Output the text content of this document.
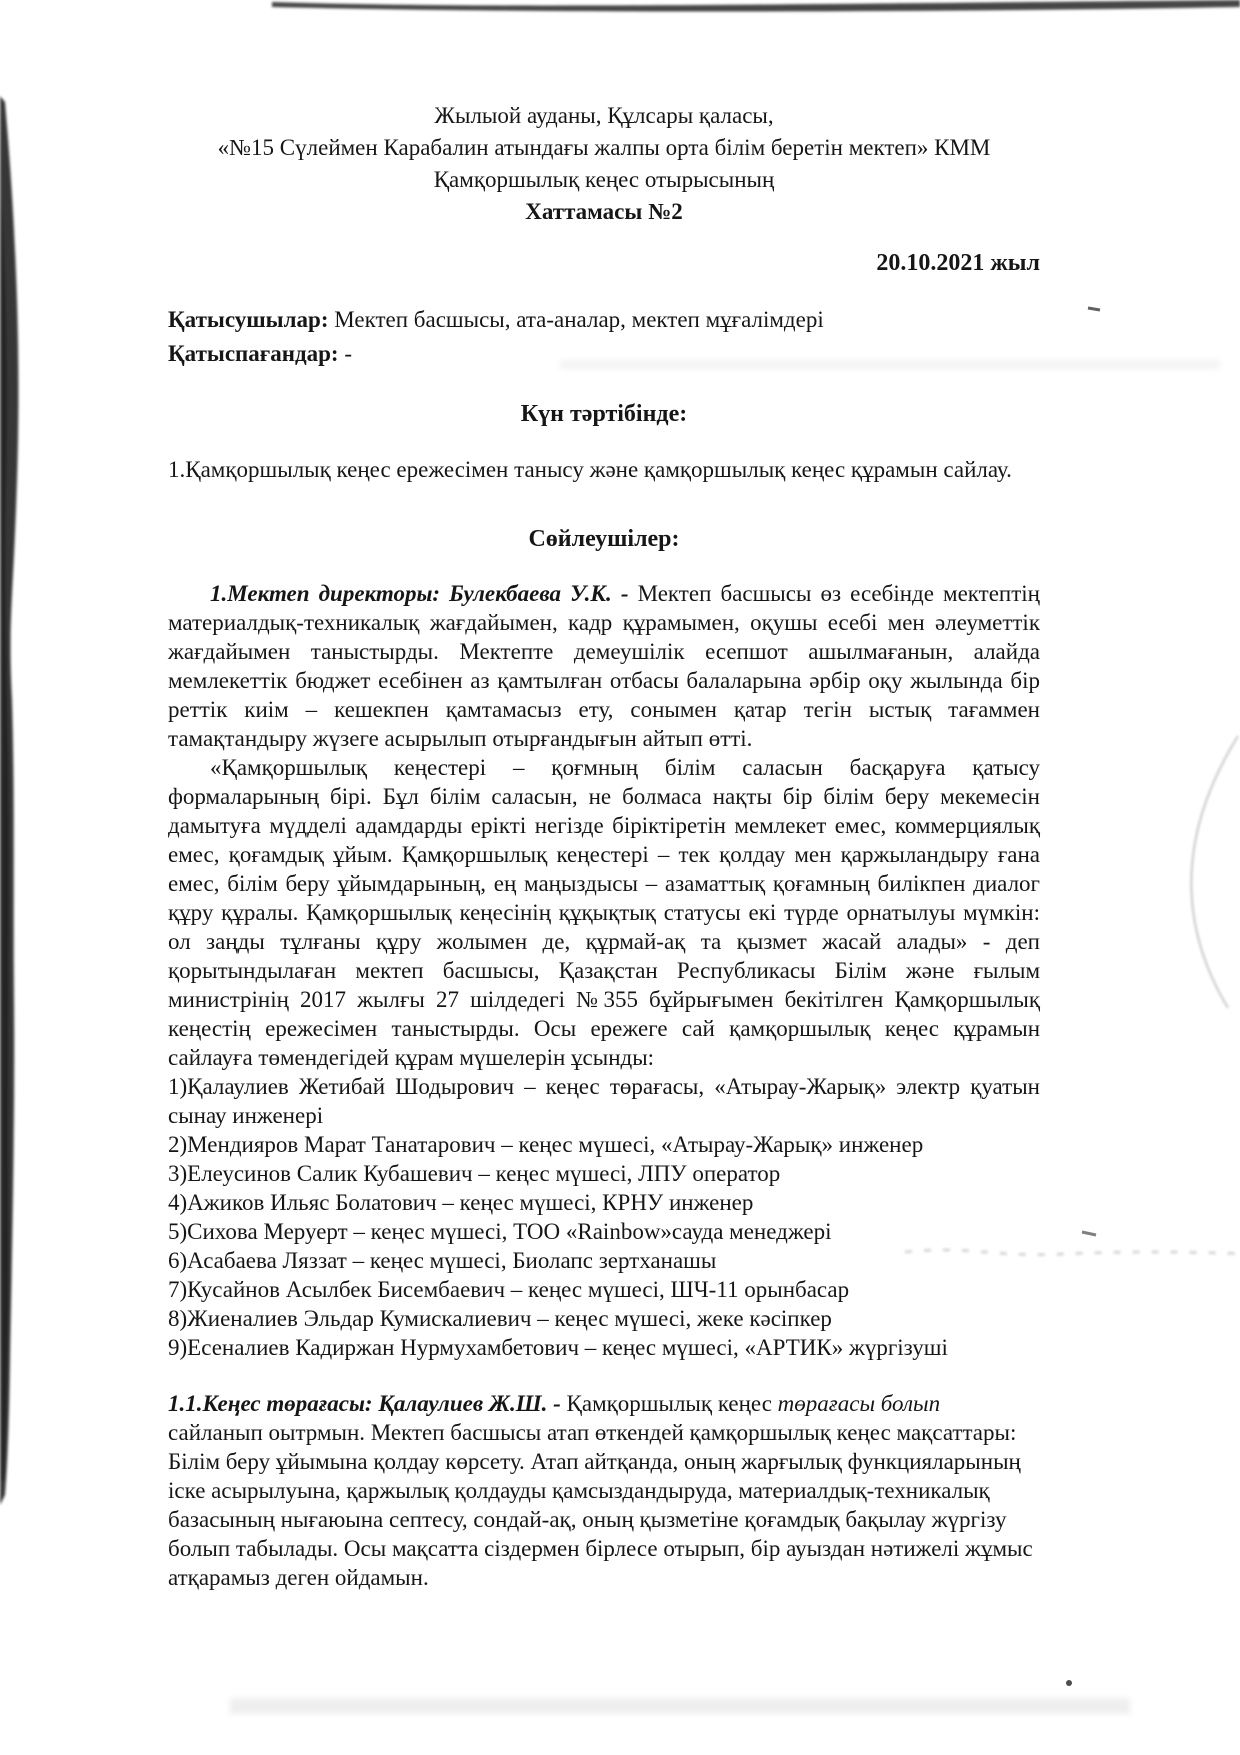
Жылыой ауданы, Құлсары қаласы,
«№15 Сүлеймен Карабалин атындағы жалпы орта білім беретін мектеп» КММ
Қамқоршылық кеңес отырысының
Хаттамасы №2
20.10.2021 жыл

Қатысушылар: Мектеп басшысы, ата-аналар, мектеп мұғалімдері
Қатыспағандар: -

Күн тәртібінде:
1.Қамқоршылық кеңес ережесімен танысу және қамқоршылық кеңес құрамын сайлау.
Сөйлеушілер:

1.Мектеп директоры: Булекбаева У.К. - Мектеп басшысы өз есебінде мектептің материалдық-техникалық жағдайымен, кадр құрамымен, оқушы есебі мен әлеуметтік жағдайымен таныстырды. Мектепте демеушілік есепшот ашылмағанын, алайда мемлекеттік бюджет есебінен аз қамтылған отбасы балаларына әрбір оқу жылында бір реттік киім – кешекпен қамтамасыз ету, сонымен қатар тегін ыстық тағаммен тамақтандыру жүзеге асырылып отырғандығын айтып өтті.

«Қамқоршылық кеңестері – қоғмның білім саласын басқаруға қатысу формаларының бірі. Бұл білім саласын, не болмаса нақты бір білім беру мекемесін дамытуға мүдделі адамдарды ерікті негізде біріктіретін мемлекет емес, коммерциялық емес, қоғамдық ұйым. Қамқоршылық кеңестері – тек қолдау мен қаржыландыру ғана емес, білім беру ұйымдарының, ең маңыздысы – азаматтық қоғамның билікпен диалог құру құралы. Қамқоршылық кеңесінің құқықтық статусы екі түрде орнатылуы мүмкін: ол заңды тұлғаны құру жолымен де, құрмай-ақ та қызмет жасай алады» - деп қорытындылаған мектеп басшысы, Қазақстан Республикасы Білім және ғылым министрінің 2017 жылғы 27 шілдедегі №355 бұйрығымен бекітілген Қамқоршылық кеңестің ережесімен таныстырды. Осы ережеге сай қамқоршылық кеңес құрамын сайлауға төмендегідей құрам мүшелерін ұсынды:

1)Қалаулиев Жетибай Шодырович – кеңес төрағасы, «Атырау-Жарық» электр қуатын сынау инженері
2)Мендияров Марат Танатарович – кеңес мүшесі, «Атырау-Жарық» инженер
3)Елеусинов Салик Кубашевич – кеңес мүшесі, ЛПУ оператор
4)Ажиков Ильяс Болатович – кеңес мүшесі, КРНУ инженер
5)Сихова Меруерт – кеңес мүшесі, ТОО «Rainbow»сауда менеджері
6)Асабаева Ляззат – кеңес мүшесі, Биолапс зертханашы
7)Кусайнов Асылбек Бисембаевич – кеңес мүшесі, ШЧ-11 орынбасар
8)Жиеналиев Эльдар Кумискалиевич – кеңес мүшесі, жеке кәсіпкер
9)Есеналиев Кадиржан Нурмухамбетович – кеңес мүшесі, «АРТИК» жүргізуші

1.1.Кеңес төрағасы: Қалаулиев Ж.Ш. - Қамқоршылық кеңес төрағасы болып сайланып оытрмын. Мектеп басшысы атап өткендей қамқоршылық кеңес мақсаттары: Білім беру ұйымына қолдау көрсету. Атап айтқанда, оның жарғылық функцияларының іске асырылуына, қаржылық қолдауды қамсыздандыруда, материалдық-техникалық базасының нығаюына септесу, сондай-ақ, оның қызметіне қоғамдық бақылау жүргізу болып табылады. Осы мақсатта сіздермен бірлесе отырып, бір ауыздан нәтижелі жұмыс атқарамыз деген ойдамын.
